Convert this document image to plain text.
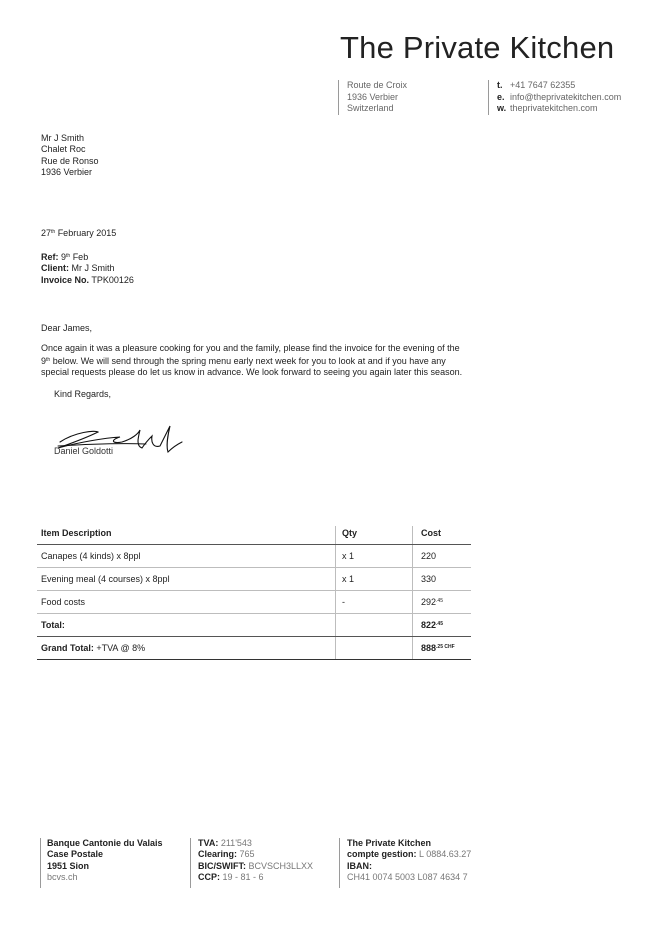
The Private Kitchen
Route de Croix
1936 Verbier
Switzerland
t. +41 7647 62355
e. info@theprivatekitchen.com
w. theprivatekitchen.com
Mr J Smith
Chalet Roc
Rue de Ronso
1936 Verbier
27th February 2015
Ref: 9th Feb
Client: Mr J Smith
Invoice No. TPK00126

Dear James,

Once again it was a pleasure cooking for you and the family, please find the invoice for the evening of the 9th below. We will send through the spring menu early next week for you to look at and if you have any special requests please do let us know in advance. We look forward to seeing you again later this season.

Kind Regards,
Daniel Goldotti
Item Description	Qty	Cost
Canapes (4 kinds) x 8ppl	x 1	220
Evening meal (4 courses) x 8ppl	x 1	330
Food costs	-	$292^{.45}$
Total:		$822^{.45}$
Grand Total: +TVA @ 8%		$888^{.25 CHF}$
Banque Cantonie du Valais
Case Postale
1951 Sion
bcvs.ch
TVA: 211'543
Clearing: 765
BIC/SWIFT: BCVSCH3LLXX
CCP: 19 - 81 - 6
The Private Kitchen
compte gestion: L 0884.63.27
IBAN:
CH41 0074 5003 L087 4634 7
